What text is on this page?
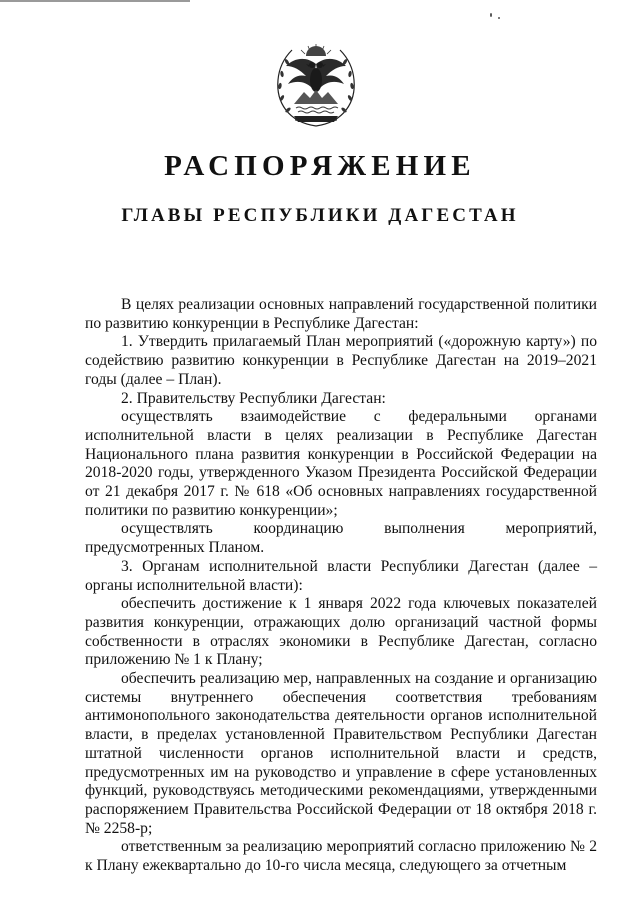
РАСПОРЯЖЕНИЕ
ГЛАВЫ РЕСПУБЛИКИ ДАГЕСТАН

В целях реализации основных направлений государственной политики по развитию конкуренции в Республике Дагестан:

1. Утвердить прилагаемый План мероприятий («дорожную карту») по содействию развитию конкуренции в Республике Дагестан на 2019–2021 годы (далее – План).

2. Правительству Республики Дагестан:

осуществлять взаимодействие с федеральными органами исполнительной власти в целях реализации в Республике Дагестан Национального плана развития конкуренции в Российской Федерации на 2018-2020 годы, утвержденного Указом Президента Российской Федерации от 21 декабря 2017 г. № 618 «Об основных направлениях государственной политики по развитию конкуренции»;

осуществлять координацию выполнения мероприятий, предусмотренных Планом.

3. Органам исполнительной власти Республики Дагестан (далее – органы исполнительной власти):

обеспечить достижение к 1 января 2022 года ключевых показателей развития конкуренции, отражающих долю организаций частной формы собственности в отраслях экономики в Республике Дагестан, согласно приложению № 1 к Плану;

обеспечить реализацию мер, направленных на создание и организацию системы внутреннего обеспечения соответствия требованиям антимонопольного законодательства деятельности органов исполнительной власти, в пределах установленной Правительством Республики Дагестан штатной численности органов исполнительной власти и средств, предусмотренных им на руководство и управление в сфере установленных функций, руководствуясь методическими рекомендациями, утвержденными распоряжением Правительства Российской Федерации от 18 октября 2018 г. № 2258-р;

ответственным за реализацию мероприятий согласно приложению № 2 к Плану ежеквартально до 10-го числа месяца, следующего за отчетным
